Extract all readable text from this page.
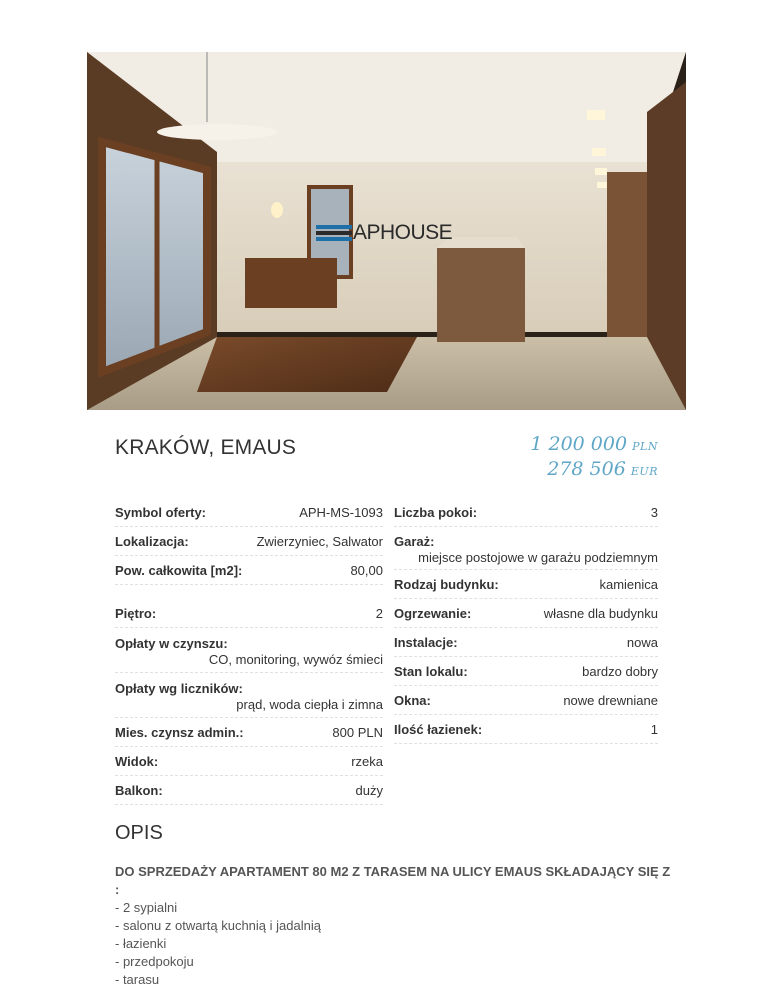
APHOUSE
KRAKÓW, EMAUS	1 200 000 PLN
278 506 EUR
Symbol oferty:	APH-MS-1093
Lokalizacja:	Zwierzyniec, Salwator
Pow. całkowita [m2]:	80,00
Piętro:	2
Opłaty w czynszu:
CO, monitoring, wywóz śmieci
Opłaty wg liczników:
prąd, woda ciepła i zimna
Mies. czynsz admin.:	800 PLN
Widok:	rzeka
Balkon:	duży
Liczba pokoi:	3
Garaż:
miejsce postojowe w garażu podziemnym
Rodzaj budynku:	kamienica
Ogrzewanie:	własne dla budynku
Instalacje:	nowa
Stan lokalu:	bardzo dobry
Okna:	nowe drewniane
Ilość łazienek:	1
OPIS
DO SPRZEDAŻY APARTAMENT 80 M2 Z TARASEM NA ULICY EMAUS SKŁADAJĄCY SIĘ Z :
- 2 sypialni
- salonu z otwartą kuchnią i jadalnią
- łazienki
- przedpokoju
- tarasu
